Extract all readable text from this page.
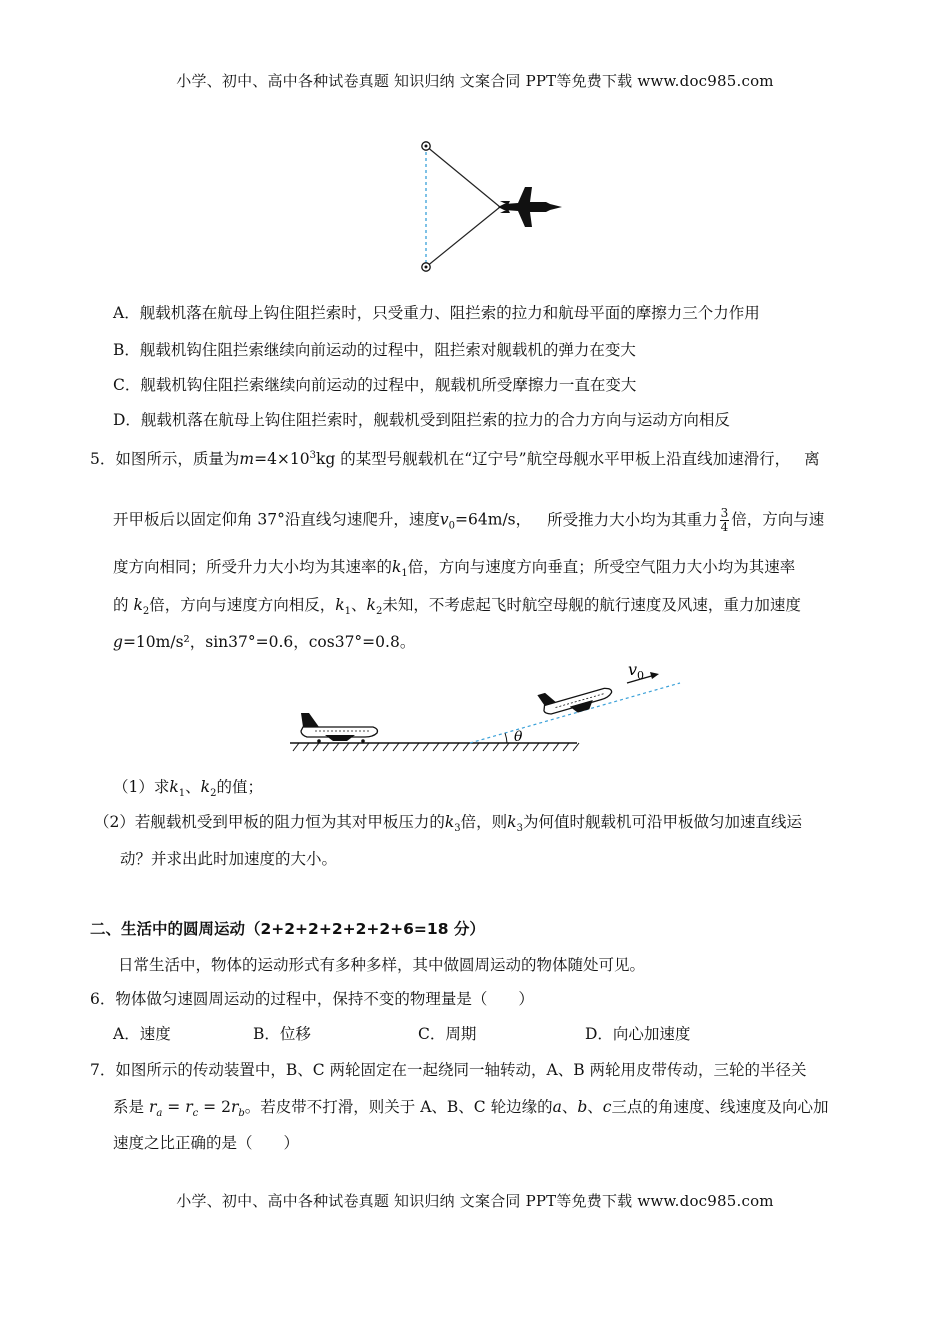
小学、初中、高中各种试卷真题 知识归纳 文案合同 PPT等免费下载 www.doc985.com
A．舰载机落在航母上钩住阻拦索时，只受重力、阻拦索的拉力和航母平面的摩擦力三个力作用
B．舰载机钩住阻拦索继续向前运动的过程中，阻拦索对舰载机的弹力在变大
C．舰载机钩住阻拦索继续向前运动的过程中，舰载机所受摩擦力一直在变大
D．舰载机落在航母上钩住阻拦索时，舰载机受到阻拦索的拉力的合力方向与运动方向相反
5．如图所示，质量为$m=4\times 10^3kg$ 的某型号舰载机在“辽宁号”航空母舰水平甲板上沿直线加速滑行， 离
开甲板后以固定仰角 37°沿直线匀速爬升，速度$v_0=64m/s$， 所受推力大小均为其重力 $\frac{3}{4}$ 倍，方向与速
度方向相同；所受升力大小均为其速率的$k_1$倍，方向与速度方向垂直；所受空气阻力大小均为其速率
的 $k_2$倍，方向与速度方向相反，$k_1$、$k_2$未知，不考虑起飞时航空母舰的航行速度及风速，重力加速度
g=10m/s²，sin37°=0.6，cos37°=0.8。
θ
$v_0$
（1）求$k_1$、$k_2$的值；
（2）若舰载机受到甲板的阻力恒为其对甲板压力的$k_3$倍，则$k_3$为何值时舰载机可沿甲板做匀加速直线运
动？并求出此时加速度的大小。
二、生活中的圆周运动（2+2+2+2+2+2+6=18 分）
日常生活中，物体的运动形式有多种多样，其中做圆周运动的物体随处可见。
6．物体做匀速圆周运动的过程中，保持不变的物理量是（　　）
A．速度	B．位移	C．周期	D．向心加速度
7．如图所示的传动装置中，B、C 两轮固定在一起绕同一轴转动，A、B 两轮用皮带传动，三轮的半径关
系是 $r_a = r_c = 2r_b$。若皮带不打滑，则关于 A、B、C 轮边缘的a、b、c三点的角速度、线速度及向心加
速度之比正确的是（　　）
小学、初中、高中各种试卷真题 知识归纳 文案合同 PPT等免费下载 www.doc985.com
